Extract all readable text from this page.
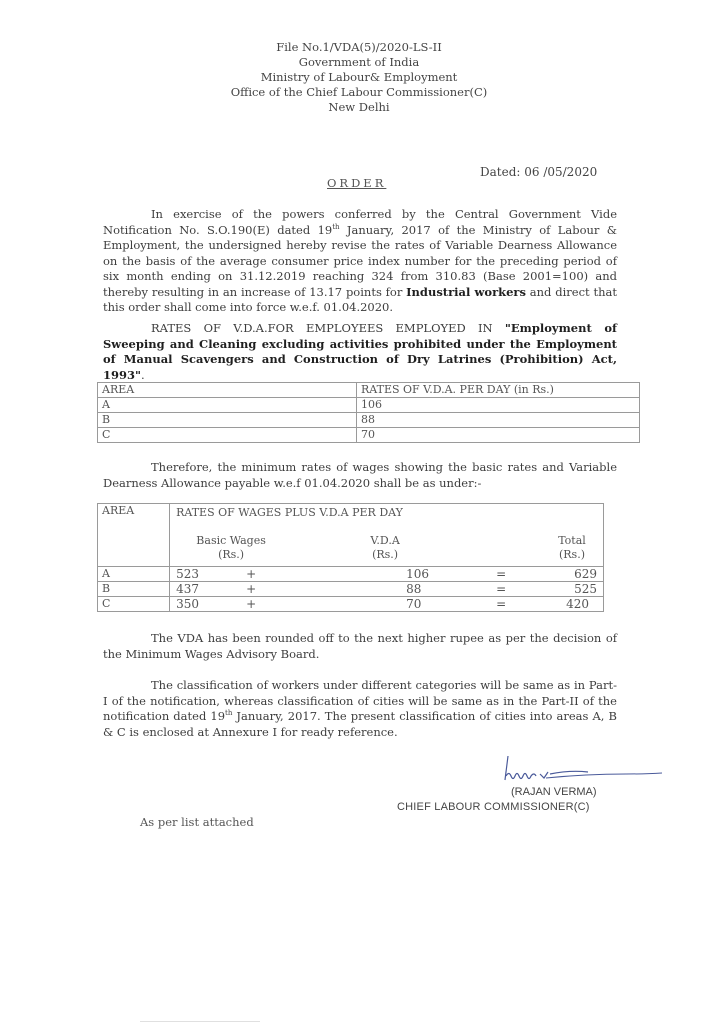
File No.1/VDA(5)/2020-LS-II
Government of India
Ministry of Labour& Employment
Office of the Chief Labour Commissioner(C)
New Delhi
Dated: 06 /05/2020
ORDER
In exercise of the powers conferred by the Central Government Vide Notification No. S.O.190(E) dated 19th January, 2017 of the Ministry of Labour & Employment, the undersigned hereby revise the rates of Variable Dearness Allowance on the basis of the average consumer price index number for the preceding period of six month ending on 31.12.2019 reaching 324 from 310.83 (Base 2001=100) and thereby resulting in an increase of 13.17 points for Industrial workers and direct that this order shall come into force w.e.f. 01.04.2020.
RATES OF V.D.A.FOR EMPLOYEES EMPLOYED IN "Employment of Sweeping and Cleaning excluding activities prohibited under the Employment of Manual Scavengers and Construction of Dry Latrines (Prohibition) Act, 1993".
AREA	RATES OF V.D.A. PER DAY (in Rs.)
A	106
B	88
C	70
Therefore, the minimum rates of wages showing the basic rates and Variable Dearness Allowance payable w.e.f 01.04.2020 shall be as under:-
AREA	RATES OF WAGES PLUS V.D.A PER DAY
Basic Wages
(Rs.)
V.D.A
(Rs.)
Total
(Rs.)

A	523 + 106 = 629

B	437 + 88 = 525

C	350 + 70 = 420
The VDA has been rounded off to the next higher rupee as per the decision of the Minimum Wages Advisory Board.
The classification of workers under different categories will be same as in Part-I of the notification, whereas classification of cities will be same as in the Part-II of the notification dated 19th January, 2017. The present classification of cities into areas A, B & C is enclosed at Annexure I for ready reference.
(RAJAN VERMA)
CHIEF LABOUR COMMISSIONER(C)
As per list attached
